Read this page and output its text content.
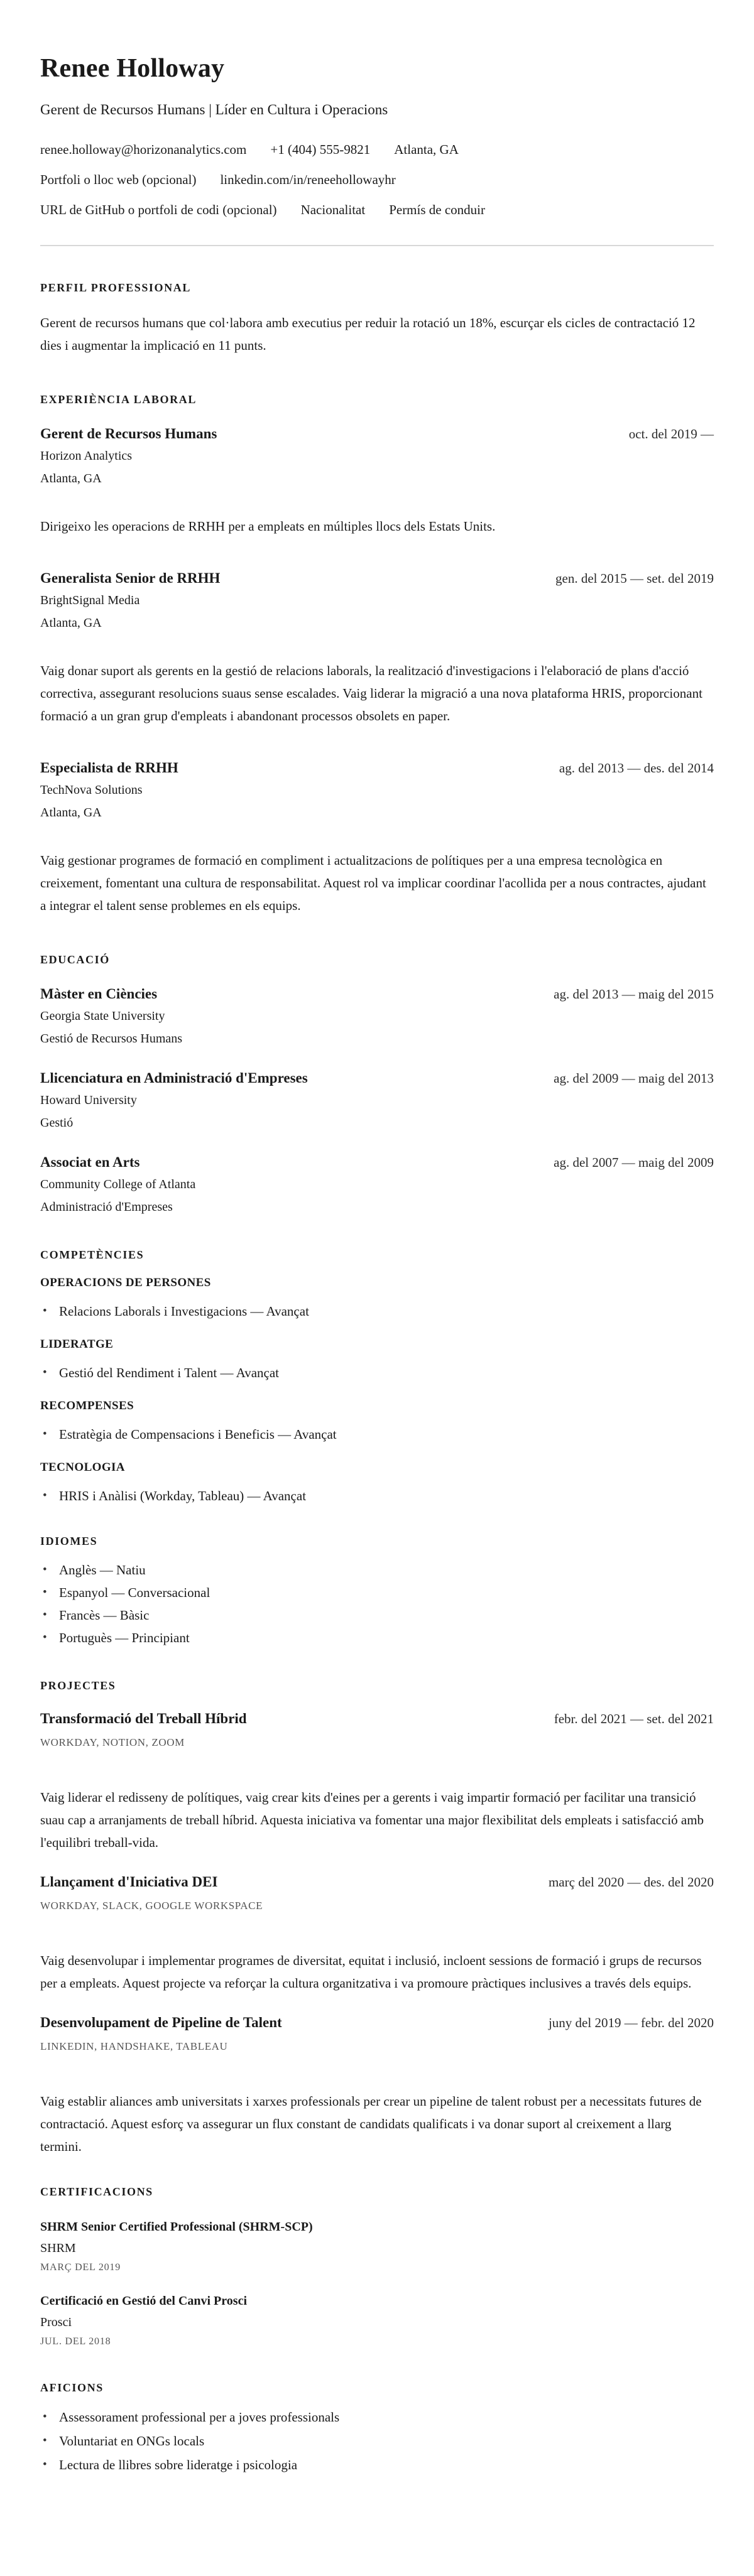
Renee Holloway
Gerent de Recursos Humans | Líder en Cultura i Operacions
renee.holloway@horizonanalytics.com +1 (404) 555-9821 Atlanta, GA
Portfoli o lloc web (opcional) linkedin.com/in/reneehollowayhr
URL de GitHub o portfoli de codi (opcional) Nacionalitat Permís de conduir
PERFIL PROFESSIONAL

Gerent de recursos humans que col·labora amb executius per reduir la rotació un 18%, escurçar els cicles de contractació 12 dies i augmentar la implicació en 11 punts.

EXPERIÈNCIA LABORAL
Gerent de Recursos Humans	oct. del 2019 —
Horizon Analytics
Atlanta, GA

Dirigeixo les operacions de RRHH per a empleats en múltiples llocs dels Estats Units.

Generalista Senior de RRHH	gen. del 2015 — set. del 2019
BrightSignal Media
Atlanta, GA

Vaig donar suport als gerents en la gestió de relacions laborals, la realització d'investigacions i l'elaboració de plans d'acció correctiva, assegurant resolucions suaus sense escalades. Vaig liderar la migració a una nova plataforma HRIS, proporcionant formació a un gran grup d'empleats i abandonant processos obsolets en paper.

Especialista de RRHH	ag. del 2013 — des. del 2014
TechNova Solutions
Atlanta, GA

Vaig gestionar programes de formació en compliment i actualitzacions de polítiques per a una empresa tecnològica en creixement, fomentant una cultura de responsabilitat. Aquest rol va implicar coordinar l'acollida per a nous contractes, ajudant a integrar el talent sense problemes en els equips.

EDUCACIÓ
Màster en Ciències	ag. del 2013 — maig del 2015
Georgia State University
Gestió de Recursos Humans
Llicenciatura en Administració d'Empreses	ag. del 2009 — maig del 2013
Howard University
Gestió
Associat en Arts	ag. del 2007 — maig del 2009
Community College of Atlanta
Administració d'Empreses
COMPETÈNCIES
OPERACIONS DE PERSONES
• Relacions Laborals i Investigacions — Avançat
LIDERATGE
• Gestió del Rendiment i Talent — Avançat
RECOMPENSES
• Estratègia de Compensacions i Beneficis — Avançat
TECNOLOGIA
• HRIS i Anàlisi (Workday, Tableau) — Avançat
IDIOMES
• Anglès — Natiu
• Espanyol — Conversacional
• Francès — Bàsic
• Portuguès — Principiant
PROJECTES
Transformació del Treball Híbrid	febr. del 2021 — set. del 2021
WORKDAY, NOTION, ZOOM

Vaig liderar el redisseny de polítiques, vaig crear kits d'eines per a gerents i vaig impartir formació per facilitar una transició suau cap a arranjaments de treball híbrid. Aquesta iniciativa va fomentar una major flexibilitat dels empleats i satisfacció amb l'equilibri treball-vida.

Llançament d'Iniciativa DEI	març del 2020 — des. del 2020
WORKDAY, SLACK, GOOGLE WORKSPACE

Vaig desenvolupar i implementar programes de diversitat, equitat i inclusió, incloent sessions de formació i grups de recursos per a empleats. Aquest projecte va reforçar la cultura organitzativa i va promoure pràctiques inclusives a través dels equips.

Desenvolupament de Pipeline de Talent	juny del 2019 — febr. del 2020
LINKEDIN, HANDSHAKE, TABLEAU

Vaig establir aliances amb universitats i xarxes professionals per crear un pipeline de talent robust per a necessitats futures de contractació. Aquest esforç va assegurar un flux constant de candidats qualificats i va donar suport al creixement a llarg termini.

CERTIFICACIONS
SHRM Senior Certified Professional (SHRM-SCP)
SHRM
MARÇ DEL 2019
Certificació en Gestió del Canvi Prosci
Prosci
JUL. DEL 2018
AFICIONS
• Assessorament professional per a joves professionals
• Voluntariat en ONGs locals
• Lectura de llibres sobre lideratge i psicologia
